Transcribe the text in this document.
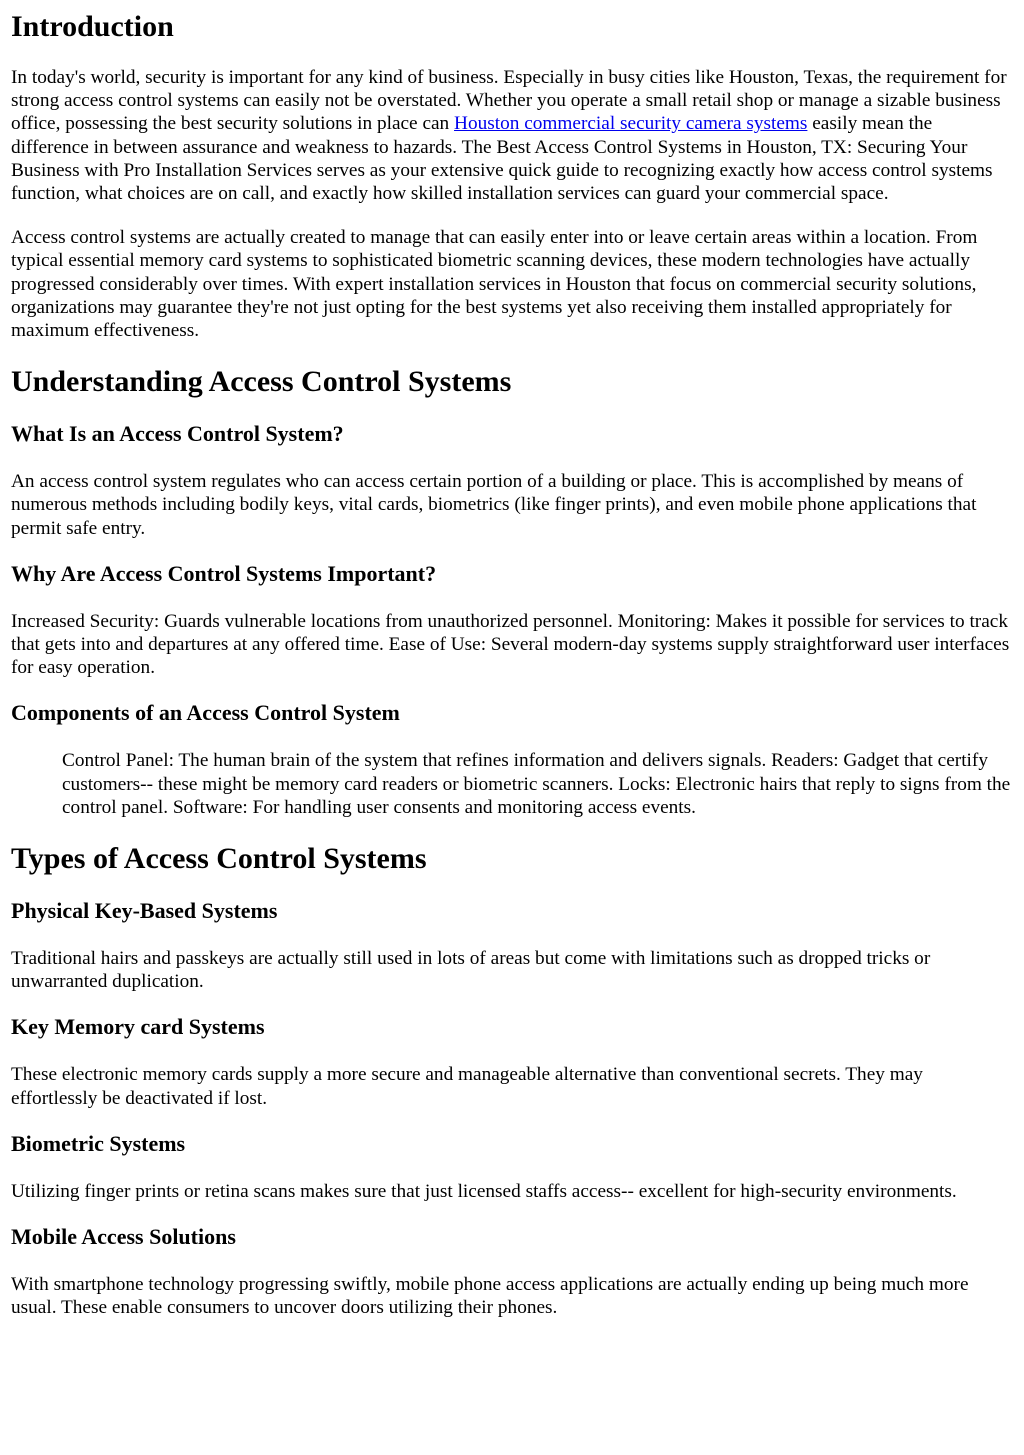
Introduction

In today's world, security is important for any kind of business. Especially in busy cities like Houston, Texas, the requirement for strong access control systems can easily not be overstated. Whether you operate a small retail shop or manage a sizable business office, possessing the best security solutions in place can Houston commercial security camera systems easily mean the difference in between assurance and weakness to hazards. The Best Access Control Systems in Houston, TX: Securing Your Business with Pro Installation Services serves as your extensive quick guide to recognizing exactly how access control systems function, what choices are on call, and exactly how skilled installation services can guard your commercial space.

Access control systems are actually created to manage that can easily enter into or leave certain areas within a location. From typical essential memory card systems to sophisticated biometric scanning devices, these modern technologies have actually progressed considerably over times. With expert installation services in Houston that focus on commercial security solutions, organizations may guarantee they're not just opting for the best systems yet also receiving them installed appropriately for maximum effectiveness.

Understanding Access Control Systems
What Is an Access Control System?

An access control system regulates who can access certain portion of a building or place. This is accomplished by means of numerous methods including bodily keys, vital cards, biometrics (like finger prints), and even mobile phone applications that permit safe entry.

Why Are Access Control Systems Important?

Increased Security: Guards vulnerable locations from unauthorized personnel. Monitoring: Makes it possible for services to track that gets into and departures at any offered time. Ease of Use: Several modern-day systems supply straightforward user interfaces for easy operation.

Components of an Access Control System
Control Panel: The human brain of the system that refines information and delivers signals. Readers: Gadget that certify customers-- these might be memory card readers or biometric scanners. Locks: Electronic hairs that reply to signs from the control panel. Software: For handling user consents and monitoring access events.
Types of Access Control Systems
Physical Key-Based Systems

Traditional hairs and passkeys are actually still used in lots of areas but come with limitations such as dropped tricks or unwarranted duplication.

Key Memory card Systems

These electronic memory cards supply a more secure and manageable alternative than conventional secrets. They may effortlessly be deactivated if lost.

Biometric Systems

Utilizing finger prints or retina scans makes sure that just licensed staffs access-- excellent for high-security environments.

Mobile Access Solutions

With smartphone technology progressing swiftly, mobile phone access applications are actually ending up being much more usual. These enable consumers to uncover doors utilizing their phones.
